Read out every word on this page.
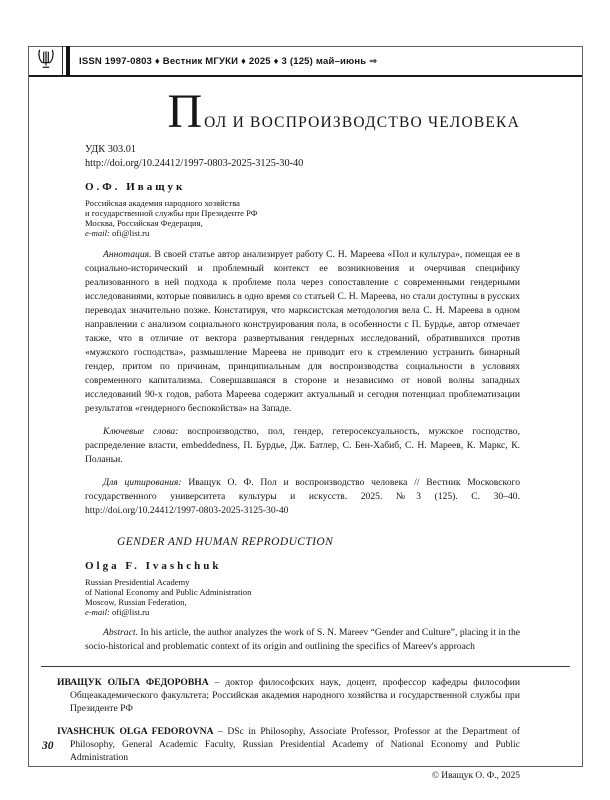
ISSN 1997-0803 ♦ Вестник МГУКИ ♦ 2025 ♦ 3 (125) май–июнь ⇒
П ОЛ И ВОСПРОИЗВОДСТВО ЧЕЛОВЕКА
УДК 303.01
http://doi.org/10.24412/1997-0803-2025-3125-30-40
О.Ф. Иващук
Российская академия народного хозяйства
и государственной службы при Президенте РФ
Москва, Российская Федерация,
e-mail: ofi@list.ru

Аннотация. В своей статье автор анализирует работу С. Н. Мареева «Пол и культура», помещая ее в социально-исторический и проблемный контекст ее возникновения и очерчивая специфику реализованного в ней подхода к проблеме пола через сопоставление с современными гендерными исследованиями, которые появились в одно время со статьей С. Н. Мареева, но стали доступны в русских переводах значительно позже. Констатируя, что марксистская методология вела С. Н. Мареева в одном направлении с анализом социального конструирования пола, в особенности с П. Бурдье, автор отмечает также, что в отличие от вектора развертывания гендерных исследований, обратившихся против «мужского господства», размышление Мареева не приводит его к стремлению устранить бинарный гендер, притом по причинам, принципиальным для воспроизводства социальности в условиях современного капитализма. Совершавшаяся в стороне и независимо от новой волны западных исследований 90-х годов, работа Мареева содержит актуальный и сегодня потенциал проблематизации результатов «гендерного беспокойства» на Западе.

Ключевые слова: воспроизводство, пол, гендер, гетеросексуальность, мужское господство, распределение власти, embeddedness, П. Бурдье, Дж. Батлер, С. Бен-Хабиб, С. Н. Мареев, К. Маркс, К. Поланьи.

Для цитирования: Иващук О. Ф. Пол и воспроизводство человека // Вестник Московского государственного университета культуры и искусств. 2025. №3 (125). С. 30–40. http://doi.org/10.24412/1997-0803-2025-3125-30-40

GENDER AND HUMAN REPRODUCTION
Olga F. Ivashchuk
Russian Presidential Academy
of National Economy and Public Administration
Moscow, Russian Federation,
e-mail: ofi@list.ru

Abstract. In his article, the author analyzes the work of S. N. Mareev “Gender and Culture”, placing it in the socio-historical and problematic context of its origin and outlining the specifics of Mareev's approach

ИВАЩУК ОЛЬГА ФЕДОРОВНА – доктор философских наук, доцент, профессор кафедры философии Общеакадемического факультета; Российская академия народного хозяйства и государственной службы при Президенте РФ

IVASHCHUK OLGA FEDOROVNA – DSc in Philosophy, Associate Professor, Professor at the Department of Philosophy, General Academic Faculty, Russian Presidential Academy of National Economy and Public Administration

© Иващук О. Ф., 2025
30
